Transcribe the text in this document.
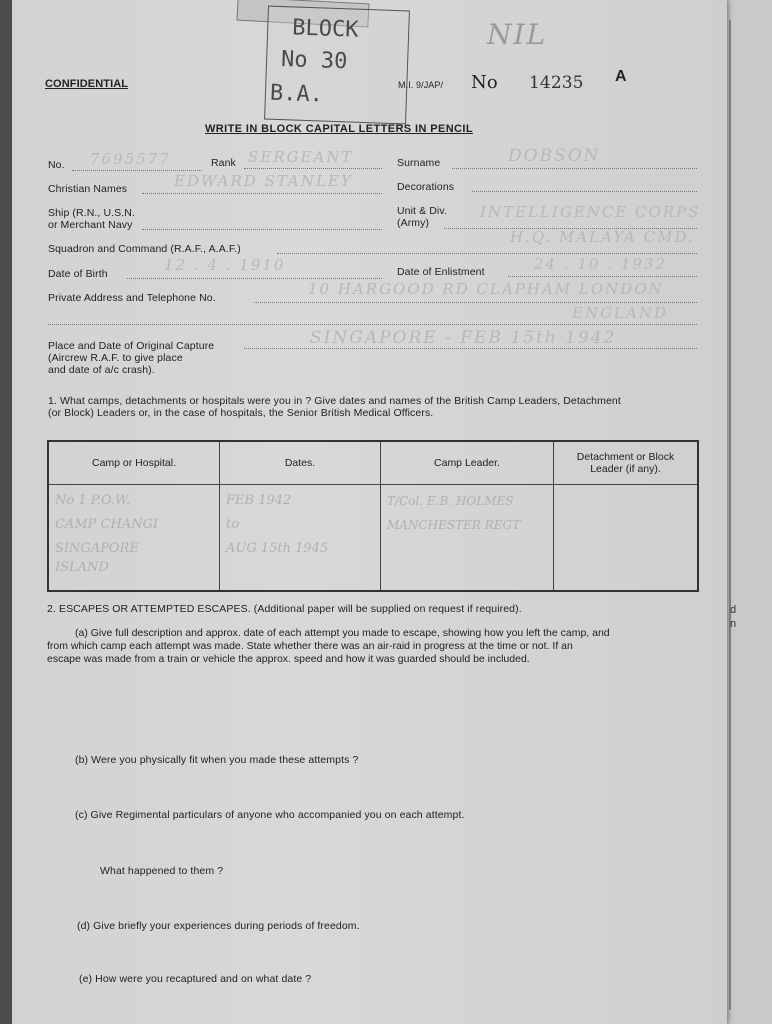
d
n
BLOCK
No 30
B.A.
CONFIDENTIAL	M.I. 9/JAP/ No 14235 A
NIL
WRITE IN BLOCK CAPITAL LETTERS IN PENCIL
No. 7695577	Rank SERGEANT	Surname	DOBSON
Christian Names	EDWARD STANLEY	Decorations
Ship (R.N., U.S.N.
or Merchant Navy
Unit & Div.
(Army)
INTELLIGENCE CORPS
Squadron and Command (R.A.F., A.A.F.)
H.Q. MALAYA CMD.
Date of Birth	12 . 4 . 1910	Date of Enlistment	24 . 10 . 1932
Private Address and Telephone No.	10 HARGOOD RD CLAPHAM LONDON
ENGLAND
Place and Date of Original Capture
(Aircrew R.A.F. to give place
and date of a/c crash).
SINGAPORE - FEB 15th 1942
1. What camps, detachments or hospitals were you in ? Give dates and names of the British Camp Leaders, Detachment
(or Block) Leaders or, in the case of hospitals, the Senior British Medical Officers.
Camp or Hospital.	Dates.	Camp Leader.	Detachment or Block Leader (if any).

No 1 P.O.W.
CAMP CHANGI
SINGAPORE
ISLAND	FEB 1942
to
AUG 15th 1945	T/Col. E.B. HOLMES
MANCHESTER REGT	

2. ESCAPES OR ATTEMPTED ESCAPES. (Additional paper will be supplied on request if required).
(a) Give full description and approx. date of each attempt you made to escape, showing how you left the camp, and
from which camp each attempt was made. State whether there was an air-raid in progress at the time or not. If an
escape was made from a train or vehicle the approx. speed and how it was guarded should be included.
(b) Were you physically fit when you made these attempts ?
(c) Give Regimental particulars of anyone who accompanied you on each attempt.
What happened to them ?
(d) Give briefly your experiences during periods of freedom.
(e) How were you recaptured and on what date ?
